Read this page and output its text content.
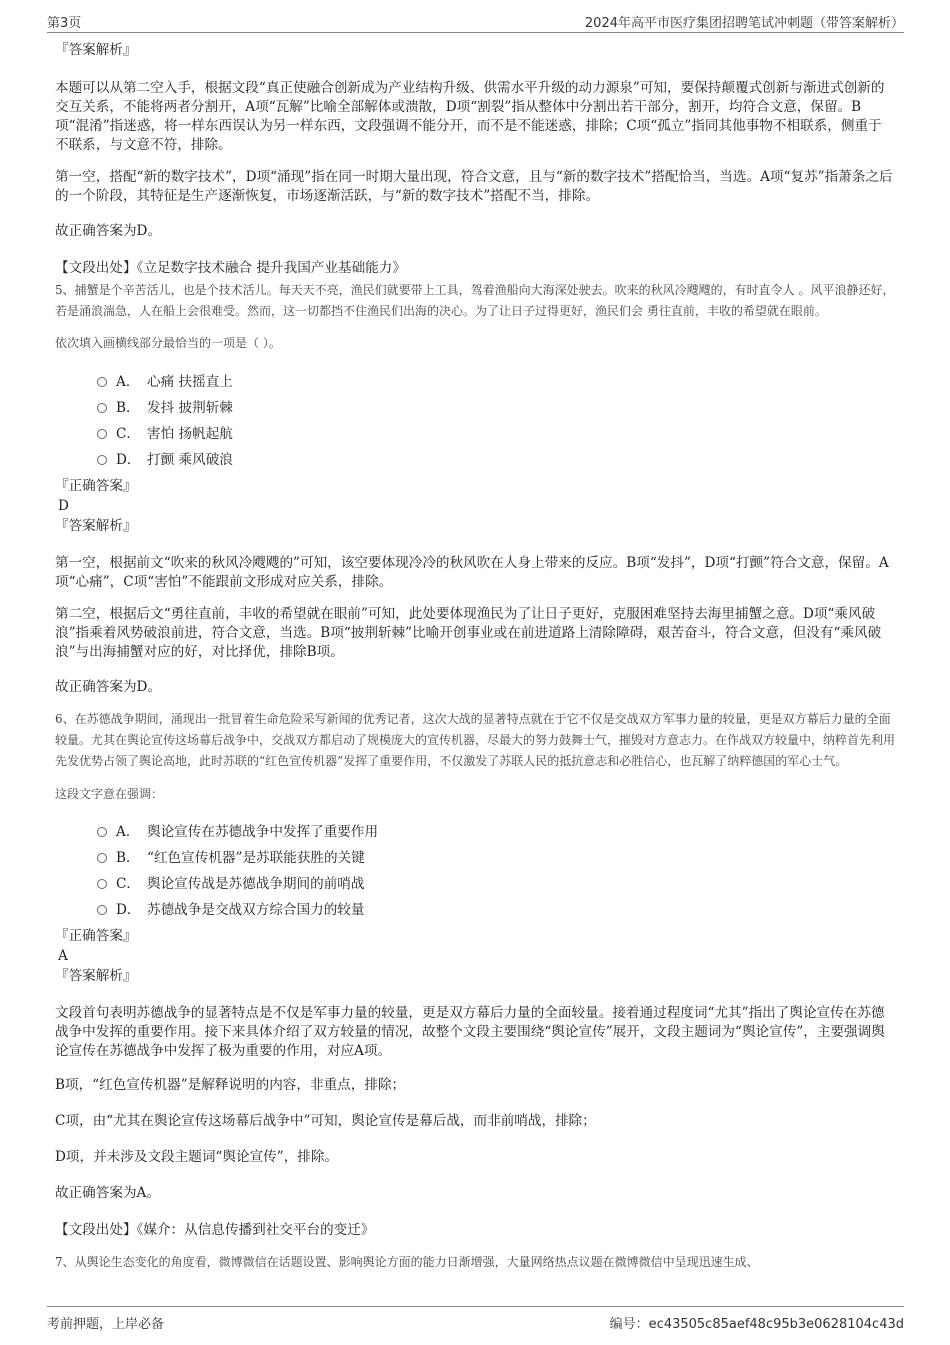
第3页	2024年高平市医疗集团招聘笔试冲刺题（带答案解析）

『答案解析』

本题可以从第二空入手，根据文段“真正使融合创新成为产业结构升级、供需水平升级的动力源泉”可知，要保持颠覆式创新与渐进式创新的交互关系，不能将两者分割开，A项“瓦解”比喻全部解体或溃散，D项“割裂”指从整体中分割出若干部分，割开，均符合文意，保留。B项“混淆”指迷惑，将一样东西误认为另一样东西，文段强调不能分开，而不是不能迷惑，排除；C项“孤立”指同其他事物不相联系，侧重于不联系，与文意不符，排除。

第一空，搭配“新的数字技术”，D项“涌现”指在同一时期大量出现，符合文意，且与“新的数字技术”搭配恰当，当选。A项“复苏”指萧条之后的一个阶段，其特征是生产逐渐恢复，市场逐渐活跃，与“新的数字技术”搭配不当，排除。

故正确答案为D。

【文段出处】《立足数字技术融合 提升我国产业基础能力》

5、捕蟹是个辛苦活儿，也是个技术活儿。每天天不亮，渔民们就要带上工具，驾着渔船向大海深处驶去。吹来的秋风冷飕飕的，有时直令人 。风平浪静还好，若是涌浪湍急，人在船上会很难受。然而，这一切都挡不住渔民们出海的决心。为了让日子过得更好，渔民们会 勇往直前，丰收的希望就在眼前。

依次填入画横线部分最恰当的一项是（ ）。

A． 心痛 扶摇直上
B． 发抖 披荆斩棘
C． 害怕 扬帆起航
D． 打颤 乘风破浪

『正确答案』

D

『答案解析』

第一空，根据前文“吹来的秋风冷飕飕的”可知，该空要体现冷冷的秋风吹在人身上带来的反应。B项“发抖”，D项“打颤”符合文意，保留。A项“心痛”，C项“害怕”不能跟前文形成对应关系，排除。

第二空，根据后文“勇往直前，丰收的希望就在眼前”可知，此处要体现渔民为了让日子更好，克服困难坚持去海里捕蟹之意。D项“乘风破浪”指乘着风势破浪前进，符合文意，当选。B项“披荆斩棘”比喻开创事业或在前进道路上清除障碍，艰苦奋斗，符合文意，但没有“乘风破浪”与出海捕蟹对应的好，对比择优，排除B项。

故正确答案为D。

6、在苏德战争期间，涌现出一批冒着生命危险采写新闻的优秀记者，这次大战的显著特点就在于它不仅是交战双方军事力量的较量，更是双方幕后力量的全面较量。尤其在舆论宣传这场幕后战争中，交战双方都启动了规模庞大的宣传机器，尽最大的努力鼓舞士气，摧毁对方意志力。在作战双方较量中，纳粹首先利用先发优势占领了舆论高地，此时苏联的“红色宣传机器”发挥了重要作用，不仅激发了苏联人民的抵抗意志和必胜信心，也瓦解了纳粹德国的军心士气。

这段文字意在强调：

A． 舆论宣传在苏德战争中发挥了重要作用
B． “红色宣传机器”是苏联能获胜的关键
C． 舆论宣传战是苏德战争期间的前哨战
D． 苏德战争是交战双方综合国力的较量

『正确答案』

A

『答案解析』

文段首句表明苏德战争的显著特点是不仅是军事力量的较量，更是双方幕后力量的全面较量。接着通过程度词“尤其”指出了舆论宣传在苏德战争中发挥的重要作用。接下来具体介绍了双方较量的情况，故整个文段主要围绕“舆论宣传”展开，文段主题词为“舆论宣传”，主要强调舆论宣传在苏德战争中发挥了极为重要的作用，对应A项。

B项，“红色宣传机器”是解释说明的内容，非重点，排除；

C项，由“尤其在舆论宣传这场幕后战争中”可知，舆论宣传是幕后战，而非前哨战，排除；

D项，并未涉及文段主题词“舆论宣传”，排除。

故正确答案为A。

【文段出处】《媒介：从信息传播到社交平台的变迁》

7、从舆论生态变化的角度看，微博微信在话题设置、影响舆论方面的能力日渐增强，大量网络热点议题在微博微信中呈现迅速生成、

考前押题，上岸必备	编号：ec43505c85aef48c95b3e0628104c43d
